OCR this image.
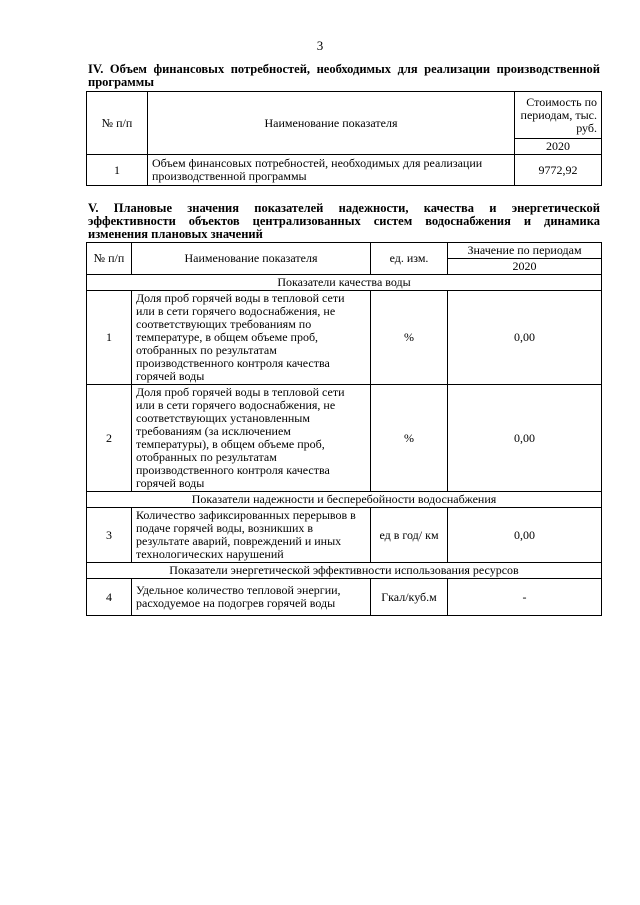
3
IV. Объем финансовых потребностей, необходимых для реализации производственной программы
№ п/п	Наименование показателя	Стоимость по периодам, тыс. руб.
		2020
1	Объем финансовых потребностей, необходимых для реализации производственной программы	9772,92
V. Плановые значения показателей надежности, качества и энергетической эффективности объектов централизованных систем водоснабжения и динамика изменения плановых значений
№ п/п	Наименование показателя	ед. изм.	Значение по периодам
			2020
Показатели качества воды			
1	Доля проб горячей воды в тепловой сети или в сети горячего водоснабжения, не соответствующих требованиям по температуре, в общем объеме проб, отобранных по результатам производственного контроля качества горячей воды	%	0,00
2	Доля проб горячей воды в тепловой сети или в сети горячего водоснабжения, не соответствующих установленным требованиям (за исключением температуры), в общем объеме проб, отобранных по результатам производственного контроля качества горячей воды	%	0,00
Показатели надежности и бесперебойности водоснабжения			
3	Количество зафиксированных перерывов в подаче горячей воды, возникших в результате аварий, повреждений и иных технологических нарушений	ед в год/ км	0,00
Показатели энергетической эффективности использования ресурсов			
4	Удельное количество тепловой энергии, расходуемое на подогрев горячей воды	Гкал/куб.м	-
